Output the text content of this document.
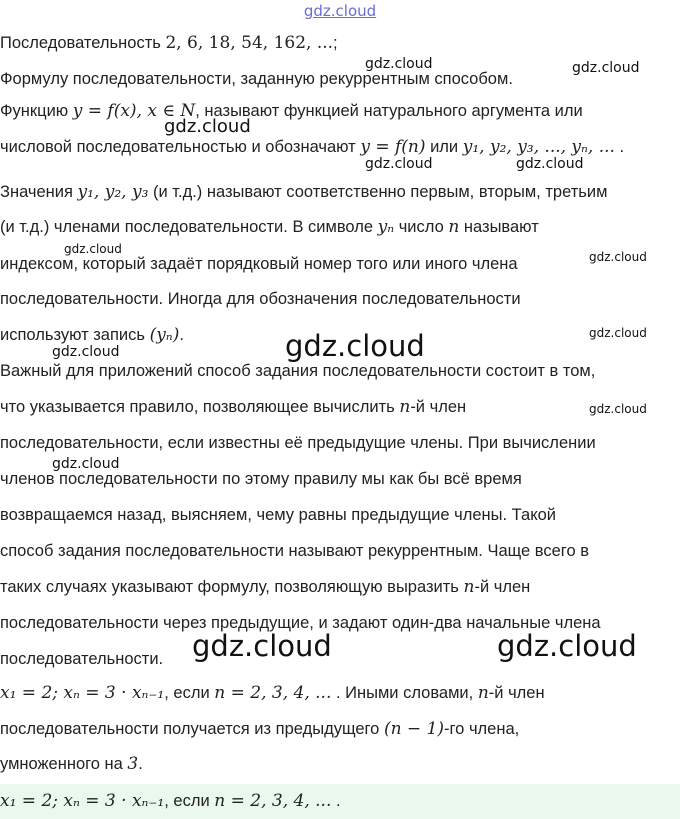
gdz.cloud
Последовательность 2, 6, 18, 54, 162, ...;
Формулу последовательности, заданную рекуррентным способом.
Функцию y = f(x), x ∈ N, называют функцией натурального аргумента или
числовой последовательностью и обозначают y = f(n) или y₁, y₂, y₃, ..., yₙ, ... .
Значения y₁, y₂, y₃ (и т.д.) называют соответственно первым, вторым, третьим
(и т.д.) членами последовательности. В символе yₙ число n называют
индексом, который задаёт порядковый номер того или иного члена
последовательности. Иногда для обозначения последовательности
используют запись (yₙ).
Важный для приложений способ задания последовательности состоит в том,
что указывается правило, позволяющее вычислить n-й член
последовательности, если известны её предыдущие члены. При вычислении
членов последовательности по этому правилу мы как бы всё время
возвращаемся назад, выясняем, чему равны предыдущие члены. Такой
способ задания последовательности называют рекуррентным. Чаще всего в
таких случаях указывают формулу, позволяющую выразить n-й член
последовательности через предыдущие, и задают один-два начальные члена
последовательности.
x₁ = 2; xₙ = 3 · xₙ₋₁, если n = 2, 3, 4, ... . Иными словами, n-й член
последовательности получается из предыдущего (n − 1)-го члена,
умноженного на 3.
x₁ = 2; xₙ = 3 · xₙ₋₁, если n = 2, 3, 4, ... .
gdz.cloud	gdz.cloud
gdz.cloud
gdz.cloud	gdz.cloud
gdz.cloud
gdz.cloud
gdz.cloud
gdz.cloud
gdz.cloud
gdz.cloud
gdz.cloud
gdz.cloud	gdz.cloud
